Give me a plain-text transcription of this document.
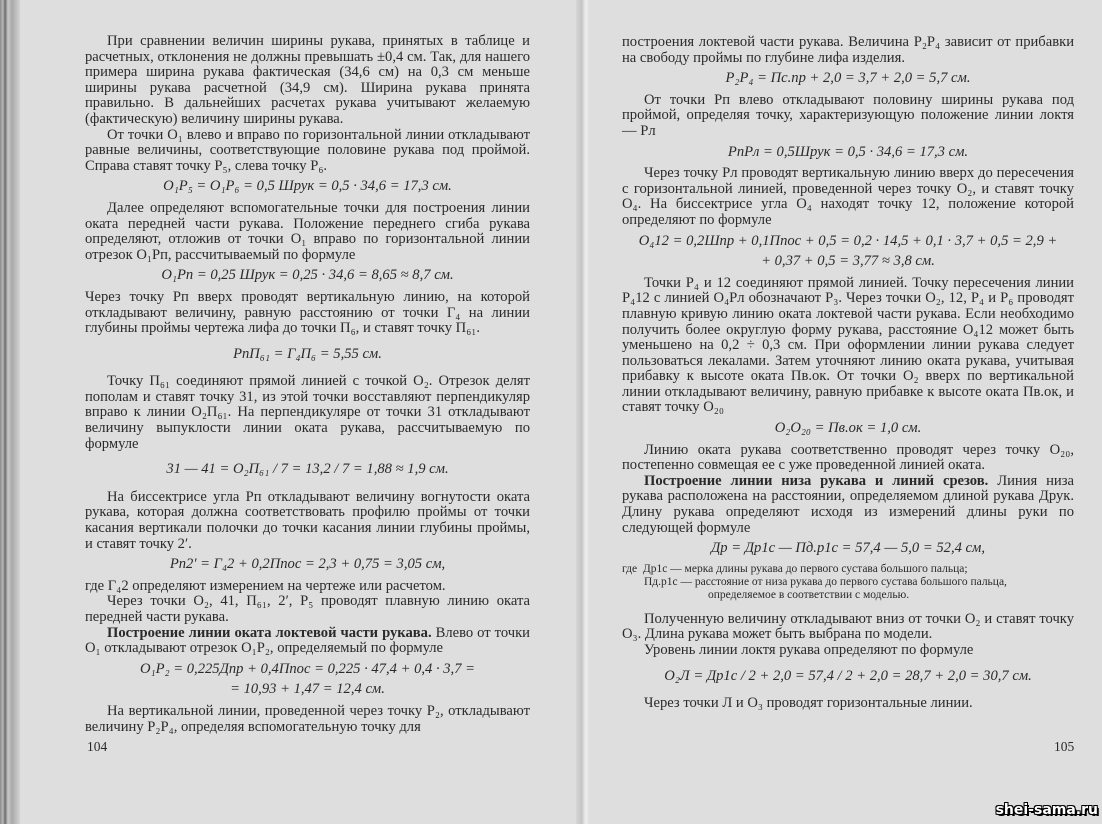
При сравнении величин ширины рукава, принятых в таблице и расчетных, отклонения не должны превышать ±0,4 см. Так, для нашего примера ширина рукава фактическая (34,6 см) на 0,3 см меньше ширины рукава расчетной (34,9 см). Ширина рукава принята правильно. В дальнейших расчетах рукава учитывают желаемую (фактическую) величину ширины рукава.

От точки O₁ влево и вправо по горизонтальной линии откладывают равные величины, соответствующие половине рукава под проймой. Справа ставят точку P₅, слева точку P₆.

O₁P₅ = O₁P₆ = 0,5 Шрук = 0,5 · 34,6 = 17,3 см.

Далее определяют вспомогательные точки для построения линии оката передней части рукава. Положение переднего сгиба рукава определяют, отложив от точки O₁ вправо по горизонтальной линии отрезок O₁Pп, рассчитываемый по формуле

O₁Pп = 0,25 Шрук = 0,25 · 34,6 = 8,65 ≈ 8,7 см.

Через точку Pп вверх проводят вертикальную линию, на которой откладывают величину, равную расстоянию от точки Г₄ на линии глубины проймы чертежа лифа до точки П₆, и ставят точку П₆₁.

PпП₆₁ = Г₄П₆ = 5,55 см.

Точку П₆₁ соединяют прямой линией с точкой O₂. Отрезок делят пополам и ставят точку 31, из этой точки восставляют перпендикуляр вправо к линии O₂П₆₁. На перпендикуляре от точки 31 откладывают величину выпуклости линии оката рукава, рассчитываемую по формуле

31 — 41 = O₂П₆₁ / 7 = 13,2 / 7 = 1,88 ≈ 1,9 см.

На биссектрисе угла Pп откладывают величину вогнутости оката рукава, которая должна соответствовать профилю проймы от точки касания вертикали полочки до точки касания линии глубины проймы, и ставят точку 2′.

Pп2′ = Г₄2 + 0,2Ппос = 2,3 + 0,75 = 3,05 см,

где Г₄2 определяют измерением на чертеже или расчетом.

Через точки O₂, 41, П₆₁, 2′, P₅ проводят плавную линию оката передней части рукава.

Построение линии оката локтевой части рукава. Влево от точки O₁ откладывают отрезок O₁P₂, определяемый по формуле

O₁P₂ = 0,225Дпр + 0,4Ппос = 0,225 · 47,4 + 0,4 · 3,7 =
= 10,93 + 1,47 = 12,4 см.

На вертикальной линии, проведенной через точку P₂, откладывают величину P₂P₄, определяя вспомогательную точку для

104

построения локтевой части рукава. Величина P₂P₄ зависит от прибавки на свободу проймы по глубине лифа изделия.

P₂P₄ = Пс.пр + 2,0 = 3,7 + 2,0 = 5,7 см.

От точки Pп влево откладывают половину ширины рукава под проймой, определяя точку, характеризующую положение линии локтя — Pл

PпPл = 0,5Шрук = 0,5 · 34,6 = 17,3 см.

Через точку Pл проводят вертикальную линию вверх до пересечения с горизонтальной линией, проведенной через точку O₂, и ставят точку O₄. На биссектрисе угла O₄ находят точку 12, положение которой определяют по формуле

O₄12 = 0,2Шпр + 0,1Ппос + 0,5 = 0,2 · 14,5 + 0,1 · 3,7 + 0,5 = 2,9 +
+ 0,37 + 0,5 = 3,77 ≈ 3,8 см.

Точки P₄ и 12 соединяют прямой линией. Точку пересечения линии P₄12 с линией O₄Pл обозначают P₃. Через точки O₂, 12, P₄ и P₆ проводят плавную кривую линию оката локтевой части рукава. Если необходимо получить более округлую форму рукава, расстояние O₄12 может быть уменьшено на 0,2 ÷ 0,3 см. При оформлении линии рукава следует пользоваться лекалами. Затем уточняют линию оката рукава, учитывая прибавку к высоте оката Пв.ок. От точки O₂ вверх по вертикальной линии откладывают величину, равную прибавке к высоте оката Пв.ок, и ставят точку O₂₀

O₂O₂₀ = Пв.ок = 1,0 см.

Линию оката рукава соответственно проводят через точку O₂₀, постепенно совмещая ее с уже проведенной линией оката.

Построение линии низа рукава и линий срезов. Линия низа рукава расположена на расстоянии, определяемом длиной рукава Друк. Длину рукава определяют исходя из измерений длины руки по следующей формуле

Др = Дp1c — Пд.p1c = 57,4 — 5,0 = 52,4 см,
где Дp1c — мерка длины рукава до первого сустава большого пальца;
Пд.p1c — расстояние от низа рукава до первого сустава большого пальца,
определяемое в соответствии с моделью.

Полученную величину откладывают вниз от точки O₂ и ставят точку O₃. Длина рукава может быть выбрана по модели.

Уровень линии локтя рукава определяют по формуле

O₂Л = Дp1c / 2 + 2,0 = 57,4 / 2 + 2,0 = 28,7 + 2,0 = 30,7 см.

Через точки Л и O₃ проводят горизонтальные линии.

105
shei-sama.ru
